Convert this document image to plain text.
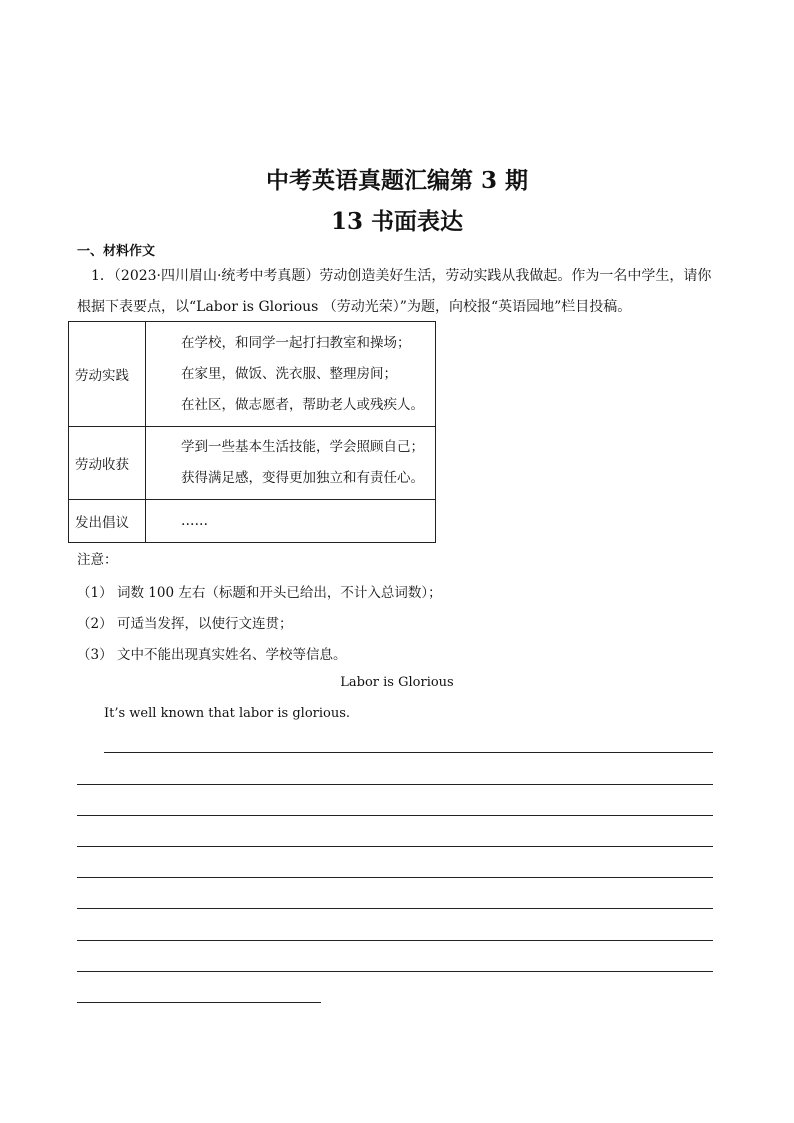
中考英语真题汇编第 3 期
13 书面表达
一、材料作文
1．（2023·四川眉山·统考中考真题）劳动创造美好生活，劳动实践从我做起。作为一名中学生，请你根据下表要点，以“Labor is Glorious （劳动光荣）”为题，向校报“英语园地”栏目投稿。
劳动实践	在学校，和同学一起打扫教室和操场；
在家里，做饭、洗衣服、整理房间；
在社区，做志愿者，帮助老人或残疾人。

劳动收获	学到一些基本生活技能，学会照顾自己；
获得满足感，变得更加独立和有责任心。

发出倡议	……
注意：
（1） 词数 100 左右（标题和开头已给出，不计入总词数）；
（2） 可适当发挥，以使行文连贯；
（3） 文中不能出现真实姓名、学校等信息。
Labor is Glorious
It’s well known that labor is glorious.
